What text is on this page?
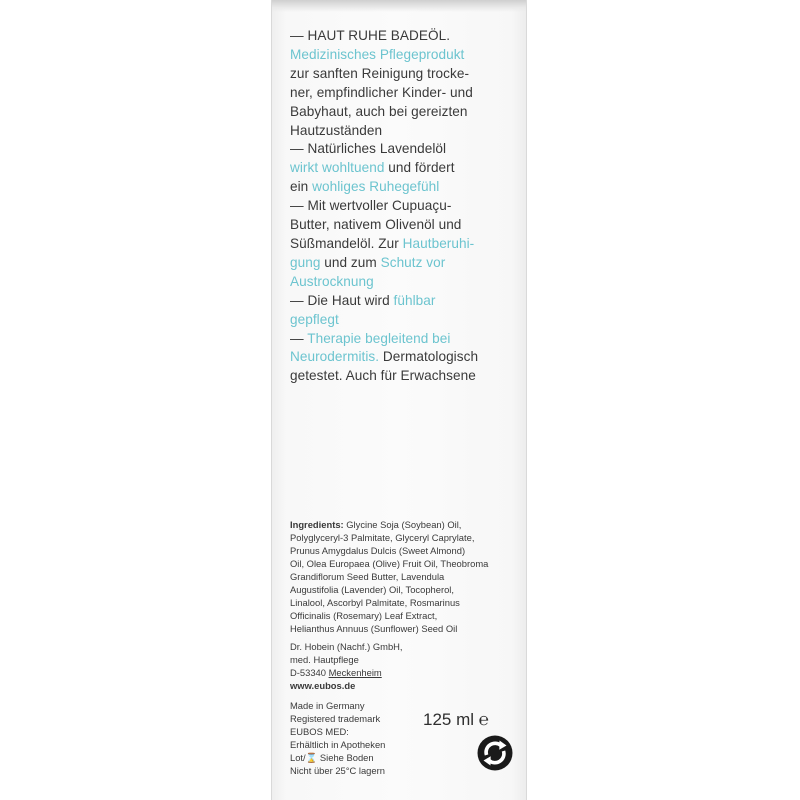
— HAUT RUHE BADEÖL.
Medizinisches Pflegeprodukt
zur sanften Reinigung trocke-
ner, empfindlicher Kinder- und
Babyhaut, auch bei gereizten
Hautzuständen
— Natürliches Lavendelöl
wirkt wohltuend und fördert
ein wohliges Ruhegefühl
— Mit wertvoller Cupuaçu-
Butter, nativem Olivenöl und
Süßmandelöl. Zur Hautberuhi-
gung und zum Schutz vor
Austrocknung
— Die Haut wird fühlbar
gepflegt
— Therapie begleitend bei
Neurodermitis. Dermatologisch
getestet. Auch für Erwachsene
Ingredients: Glycine Soja (Soybean) Oil,
Polyglyceryl-3 Palmitate, Glyceryl Caprylate,
Prunus Amygdalus Dulcis (Sweet Almond)
Oil, Olea Europaea (Olive) Fruit Oil, Theobroma
Grandiflorum Seed Butter, Lavendula
Augustifolia (Lavender) Oil, Tocopherol,
Linalool, Ascorbyl Palmitate, Rosmarinus
Officinalis (Rosemary) Leaf Extract,
Helianthus Annuus (Sunflower) Seed Oil
Dr. Hobein (Nachf.) GmbH,
med. Hautpflege
D-53340 Meckenheim
www.eubos.de
Made in Germany
Registered trademark
EUBOS MED:
Erhältlich in Apotheken
Lot/⌛ Siehe Boden
Nicht über 25°C lagern
125 ml ℮
